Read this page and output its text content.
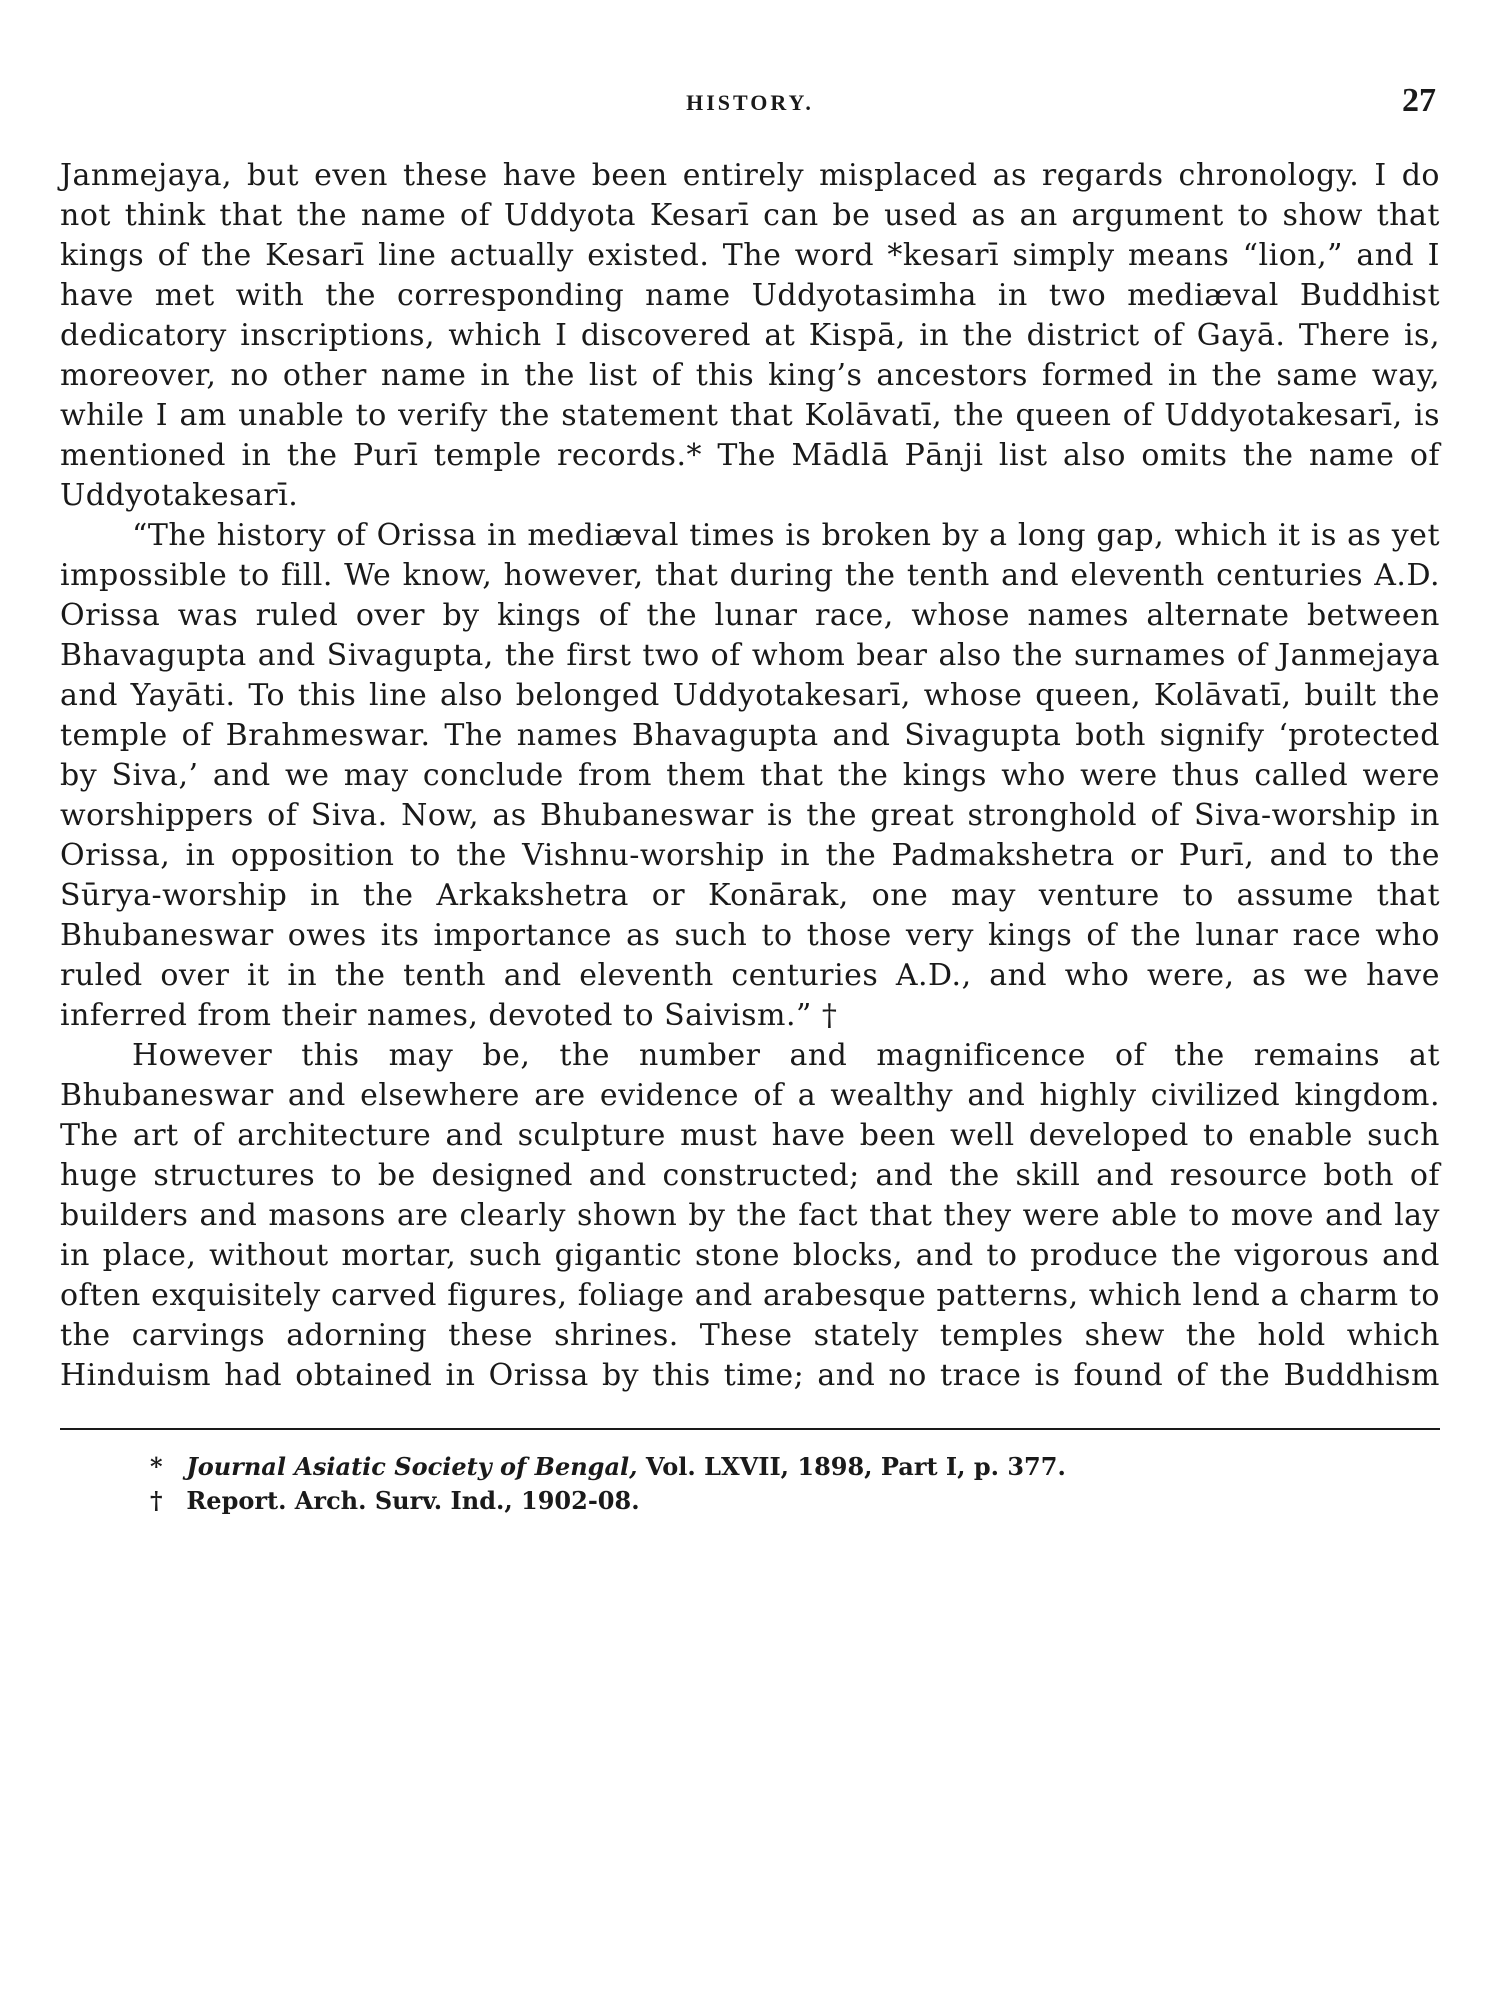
HISTORY.	27

Janmejaya, but even these have been entirely misplaced as regards chronology. I do not think that the name of Uddyota Kesarī can be used as an argument to show that kings of the Kesarī line actually existed. The word *kesarī simply means “lion,” and I have met with the corresponding name Uddyotasimha in two mediæval Buddhist dedicatory inscriptions, which I discovered at Kispā, in the district of Gayā. There is, moreover, no other name in the list of this king’s ancestors formed in the same way, while I am unable to verify the statement that Kolāvatī, the queen of Uddyotakesarī, is mentioned in the Purī temple records.* The Mādlā Pānji list also omits the name of Uddyotakesarī.

“The history of Orissa in mediæval times is broken by a long gap, which it is as yet impossible to fill. We know, however, that during the tenth and eleventh centuries A.D. Orissa was ruled over by kings of the lunar race, whose names alternate between Bhavagupta and Sivagupta, the first two of whom bear also the surnames of Janmejaya and Yayāti. To this line also belonged Uddyotakesarī, whose queen, Kolāvatī, built the temple of Brahmeswar. The names Bhavagupta and Sivagupta both signify ‘protected by Siva,’ and we may conclude from them that the kings who were thus called were worshippers of Siva. Now, as Bhubaneswar is the great stronghold of Siva-worship in Orissa, in opposition to the Vishnu-worship in the Padmakshetra or Purī, and to the Sūrya-worship in the Arkakshetra or Konārak, one may venture to assume that Bhubaneswar owes its importance as such to those very kings of the lunar race who ruled over it in the tenth and eleventh centuries A.D., and who were, as we have inferred from their names, devoted to Saivism.” †

However this may be, the number and magnificence of the remains at Bhubaneswar and elsewhere are evidence of a wealthy and highly civilized kingdom. The art of architecture and sculpture must have been well developed to enable such huge structures to be designed and constructed; and the skill and resource both of builders and masons are clearly shown by the fact that they were able to move and lay in place, without mortar, such gigantic stone blocks, and to produce the vigorous and often exquisitely carved figures, foliage and arabesque patterns, which lend a charm to the carvings adorning these shrines. These stately temples shew the hold which Hinduism had obtained in Orissa by this time; and no trace is found of the Buddhism

* Journal Asiatic Society of Bengal, Vol. LXVII, 1898, Part I, p. 377.

† Report. Arch. Surv. Ind., 1902-08.
